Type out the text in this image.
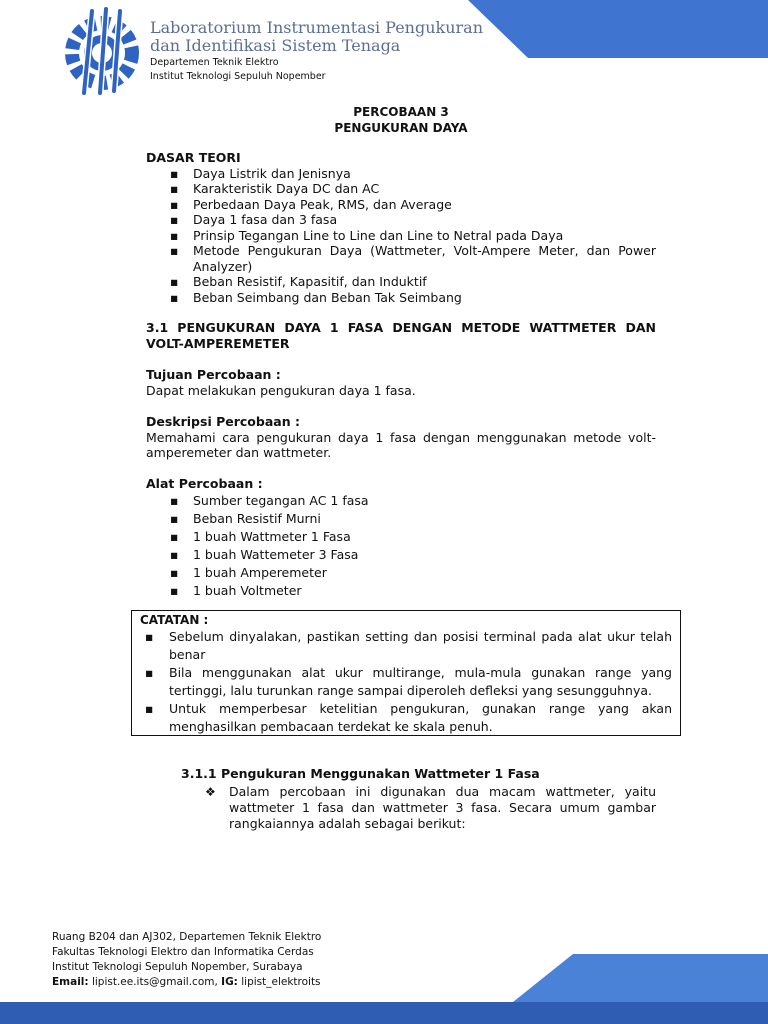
Laboratorium Instrumentasi Pengukuran
dan Identifikasi Sistem Tenaga
Departemen Teknik Elektro
Institut Teknologi Sepuluh Nopember
PERCOBAAN 3
PENGUKURAN DAYA
DASAR TEORI
▪ Daya Listrik dan Jenisnya
▪ Karakteristik Daya DC dan AC
▪ Perbedaan Daya Peak, RMS, dan Average
▪ Daya 1 fasa dan 3 fasa
▪ Prinsip Tegangan Line to Line dan Line to Netral pada Daya
▪ Metode Pengukuran Daya (Wattmeter, Volt-Ampere Meter, dan Power Analyzer)
▪ Beban Resistif, Kapasitif, dan Induktif
▪ Beban Seimbang dan Beban Tak Seimbang
3.1 PENGUKURAN DAYA 1 FASA DENGAN METODE WATTMETER DAN VOLT-AMPEREMETER
Tujuan Percobaan :
Dapat melakukan pengukuran daya 1 fasa.
Deskripsi Percobaan :
Memahami cara pengukuran daya 1 fasa dengan menggunakan metode volt-amperemeter dan wattmeter.
Alat Percobaan :
▪ Sumber tegangan AC 1 fasa
▪ Beban Resistif Murni
▪ 1 buah Wattmeter 1 Fasa
▪ 1 buah Wattemeter 3 Fasa
▪ 1 buah Amperemeter
▪ 1 buah Voltmeter
CATATAN :
▪ Sebelum dinyalakan, pastikan setting dan posisi terminal pada alat ukur telah benar
▪ Bila menggunakan alat ukur multirange, mula-mula gunakan range yang tertinggi, lalu turunkan range sampai diperoleh defleksi yang sesungguhnya.
▪ Untuk memperbesar ketelitian pengukuran, gunakan range yang akan menghasilkan pembacaan terdekat ke skala penuh.
3.1.1 Pengukuran Menggunakan Wattmeter 1 Fasa
❖ Dalam percobaan ini digunakan dua macam wattmeter, yaitu wattmeter 1 fasa dan wattmeter 3 fasa. Secara umum gambar rangkaiannya adalah sebagai berikut:
Ruang B204 dan AJ302, Departemen Teknik Elektro
Fakultas Teknologi Elektro dan Informatika Cerdas
Institut Teknologi Sepuluh Nopember, Surabaya
Email: lipist.ee.its@gmail.com, IG: lipist_elektroits
